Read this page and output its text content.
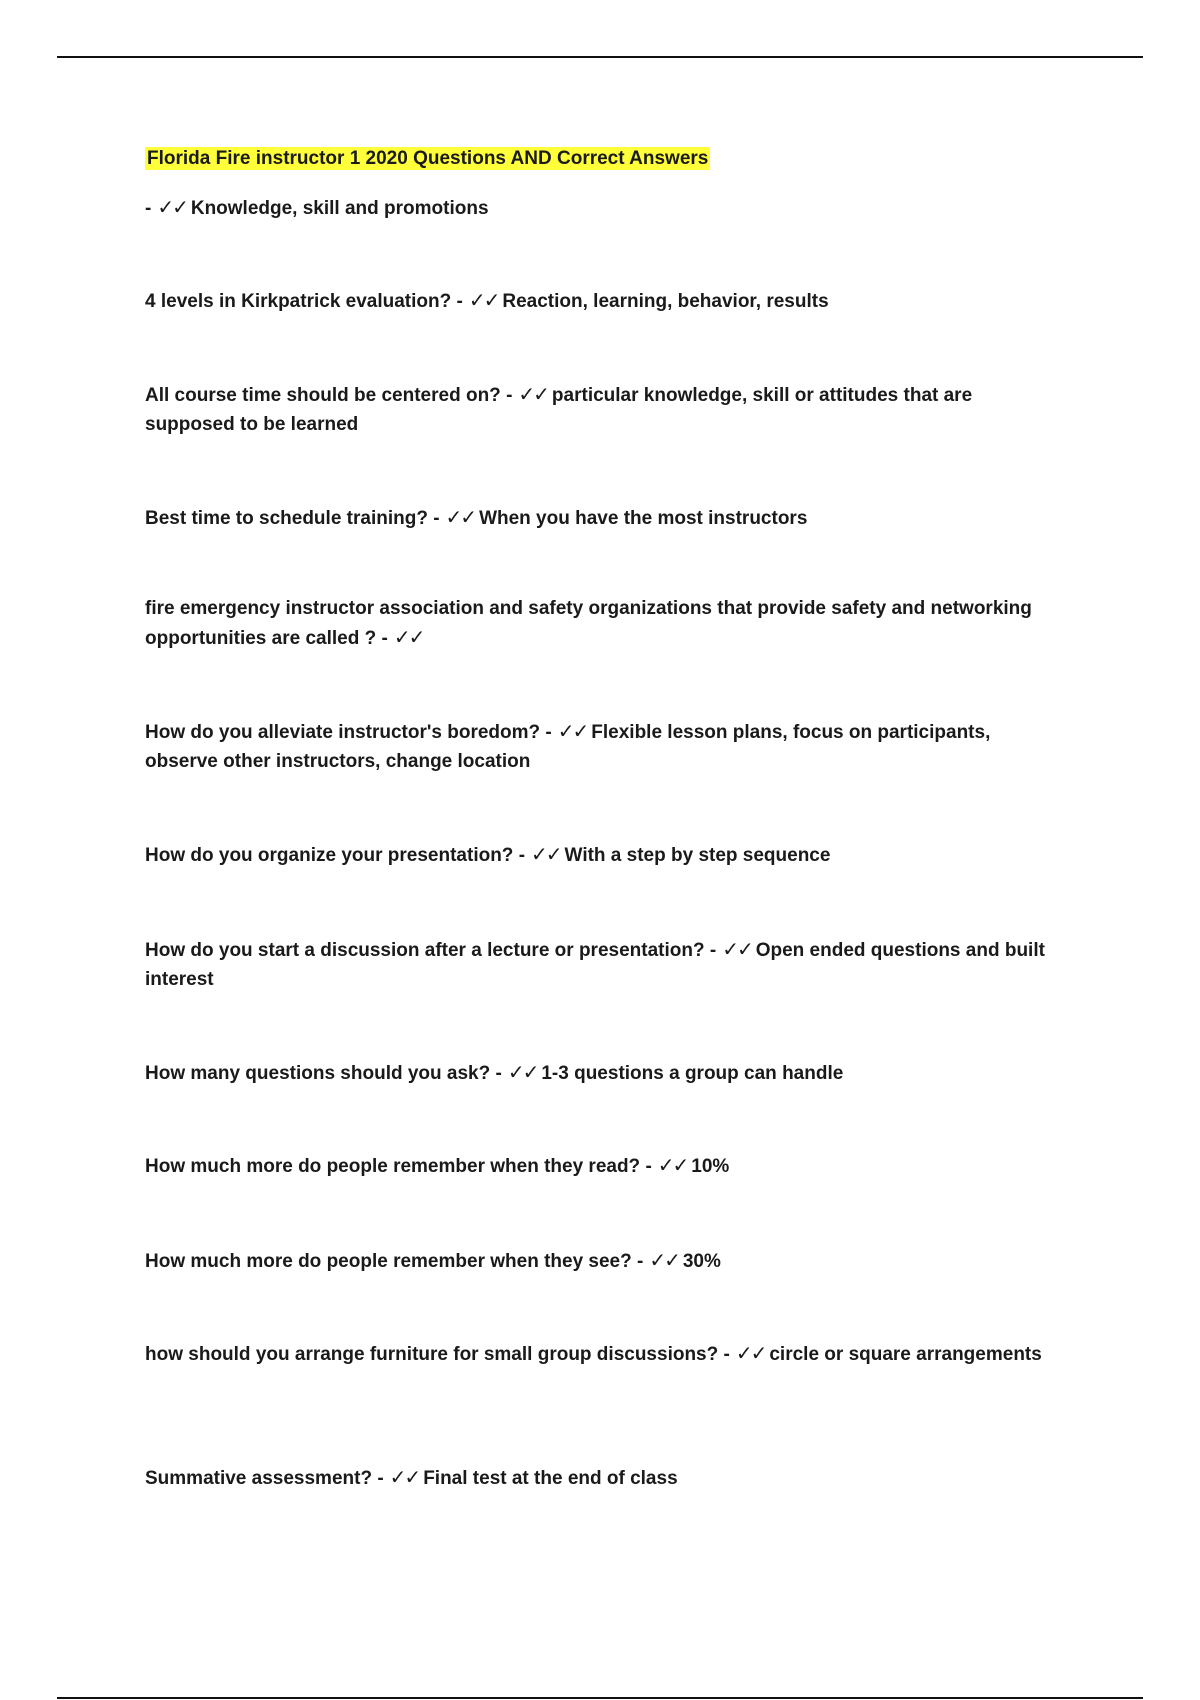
Florida Fire instructor 1 2020 Questions AND Correct Answers
- ✓✓ Knowledge, skill and promotions
4 levels in Kirkpatrick evaluation? - ✓✓ Reaction, learning, behavior, results
All course time should be centered on? - ✓✓ particular knowledge, skill or attitudes that are supposed to be learned
Best time to schedule training? - ✓✓ When you have the most instructors
fire emergency instructor association and safety organizations that provide safety and networking opportunities are called ? - ✓✓
How do you alleviate instructor's boredom? - ✓✓ Flexible lesson plans, focus on participants, observe other instructors, change location
How do you organize your presentation? - ✓✓ With a step by step sequence
How do you start a discussion after a lecture or presentation? - ✓✓ Open ended questions and built interest
How many questions should you ask? - ✓✓ 1-3 questions a group can handle
How much more do people remember when they read? - ✓✓ 10%
How much more do people remember when they see? - ✓✓ 30%
how should you arrange furniture for small group discussions? - ✓✓ circle or square arrangements
Summative assessment? - ✓✓ Final test at the end of class
